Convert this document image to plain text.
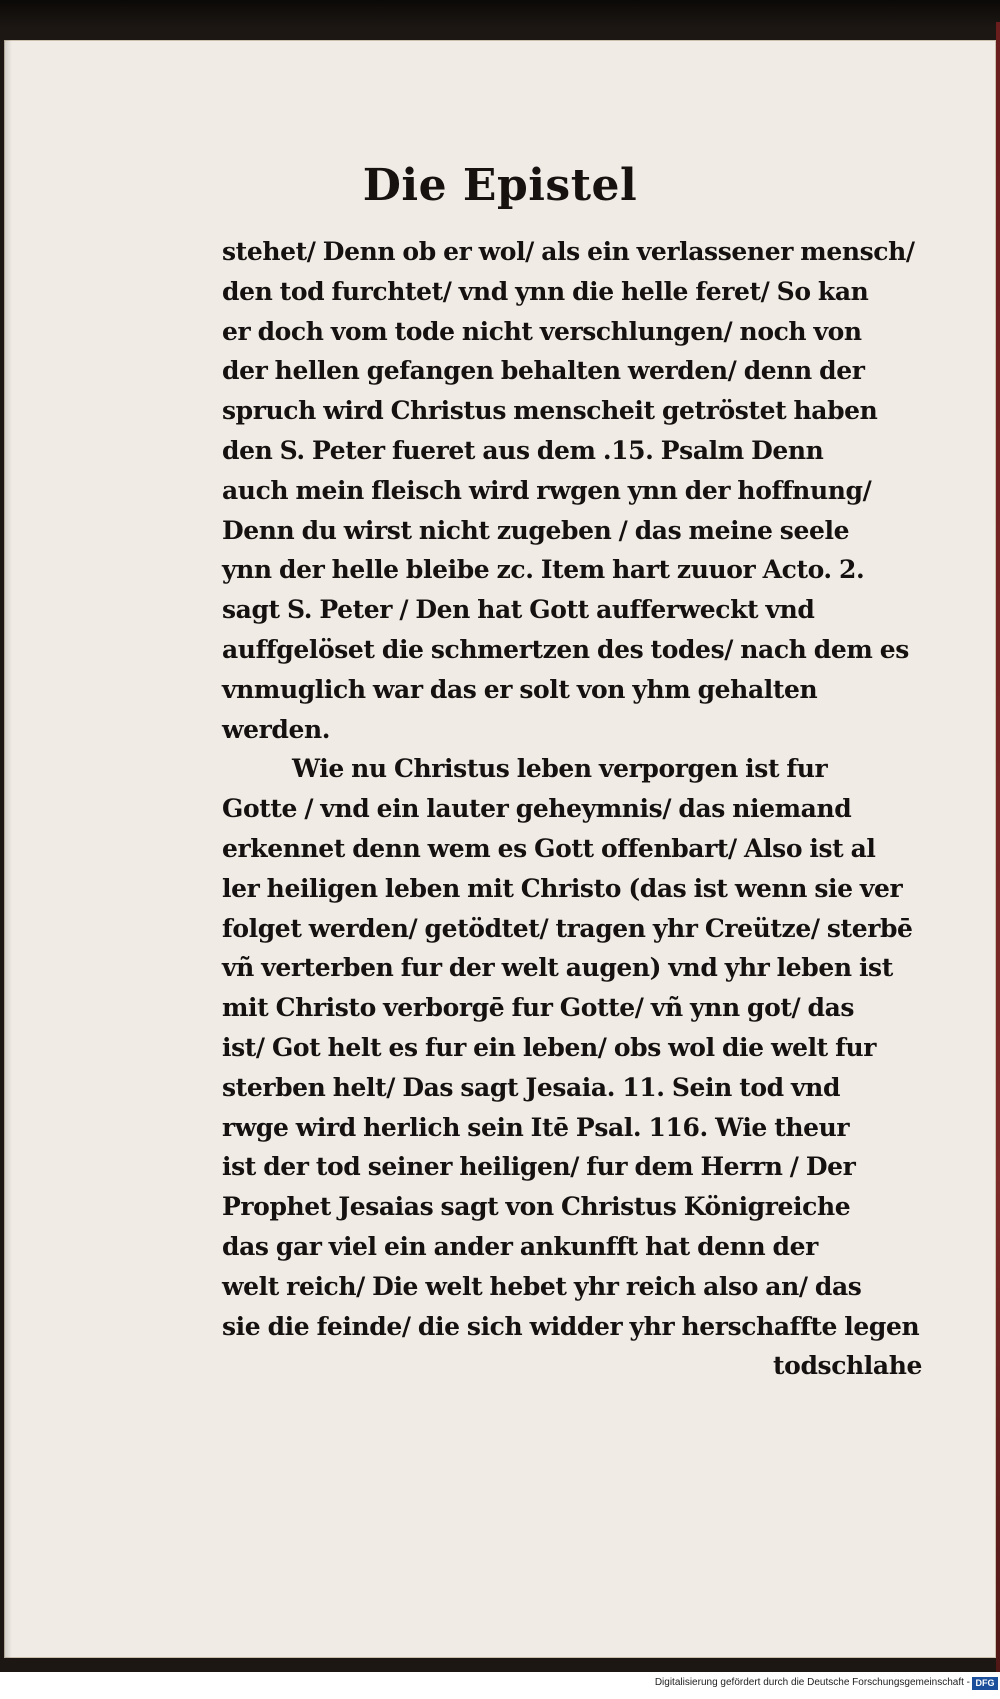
Die Epistel
stehet/ Denn ob er wol/ als ein verlassener mensch/
den tod furchtet/ vnd ynn die helle feret/ So kan
er doch vom tode nicht verschlungen/ noch von
der hellen gefangen behalten werden/ denn der
spruch wird Christus menscheit getröstet haben
den S. Peter fueret aus dem .15. Psalm Denn
auch mein fleisch wird rwgen ynn der hoffnung/
Denn du wirst nicht zugeben / das meine seele
ynn der helle bleibe zc. Item hart zuuor Acto. 2.
sagt S. Peter / Den hat Gott aufferweckt vnd
auffgelöset die schmertzen des todes/ nach dem es
vnmuglich war das er solt von yhm gehalten
werden.
Wie nu Christus leben verporgen ist fur
Gotte / vnd ein lauter geheymnis/ das niemand
erkennet denn wem es Gott offenbart/ Also ist al
ler heiligen leben mit Christo (das ist wenn sie ver
folget werden/ getödtet/ tragen yhr Creütze/ sterbē
vñ verterben fur der welt augen) vnd yhr leben ist
mit Christo verborgē fur Gotte/ vñ ynn got/ das
ist/ Got helt es fur ein leben/ obs wol die welt fur
sterben helt/ Das sagt Jesaia. 11. Sein tod vnd
rwge wird herlich sein Itē Psal. 116. Wie theur
ist der tod seiner heiligen/ fur dem Herrn / Der
Prophet Jesaias sagt von Christus Königreiche
das gar viel ein ander ankunfft hat denn der
welt reich/ Die welt hebet yhr reich also an/ das
sie die feinde/ die sich widder yhr herschaffte legen
todschlahe
Digitalisierung gefördert durch die Deutsche Forschungsgemeinschaft - DFG
